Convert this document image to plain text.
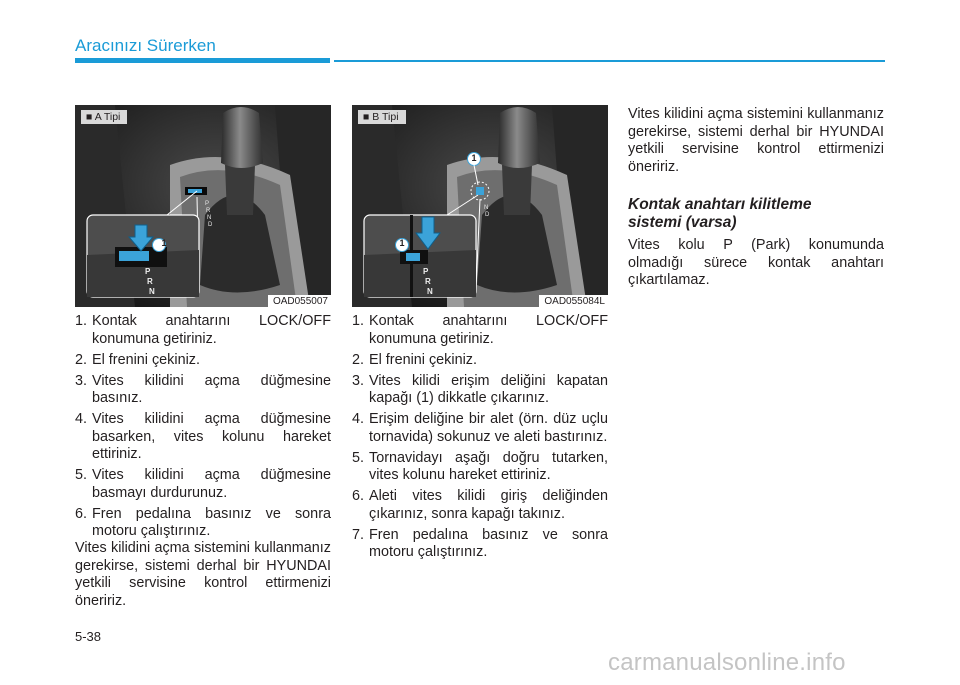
Aracınızı Sürerken
P
R
N
D
1
P
R
N
■ A Tipi
OAD055007
N
D
1
1
P
R
N
■ B Tipi
OAD055084L
1. Kontak anahtarını LOCK/OFF konumuna getiriniz.
2. El frenini çekiniz.
3. Vites kilidini açma düğmesine basınız.
4. Vites kilidini açma düğmesine basarken, vites kolunu hareket ettiriniz.
5. Vites kilidini açma düğmesine basmayı durdurunuz.
6. Fren pedalına basınız ve sonra motoru çalıştırınız.

Vites kilidini açma sistemini kullanmanız gerekirse, sistemi derhal bir HYUNDAI yetkili servisine kontrol ettirmenizi öneririz.

1. Kontak anahtarını LOCK/OFF konumuna getiriniz.
2. El frenini çekiniz.
3. Vites kilidi erişim deliğini kapatan kapağı (1) dikkatle çıkarınız.
4. Erişim deliğine bir alet (örn. düz uçlu tornavida) sokunuz ve aleti bastırınız.
5. Tornavidayı aşağı doğru tutarken, vites kolunu hareket ettiriniz.
6. Aleti vites kilidi giriş deliğinden çıkarınız, sonra kapağı takınız.
7. Fren pedalına basınız ve sonra motoru çalıştırınız.

Vites kilidini açma sistemini kullanmanız gerekirse, sistemi derhal bir HYUNDAI yetkili servisine kontrol ettirmenizi öneririz.

Kontak anahtarı kilitleme
sistemi (varsa)

Vites kolu P (Park) konumunda olmadığı sürece kontak anahtarı çıkartılamaz.

5-38
carmanualsonline.info
